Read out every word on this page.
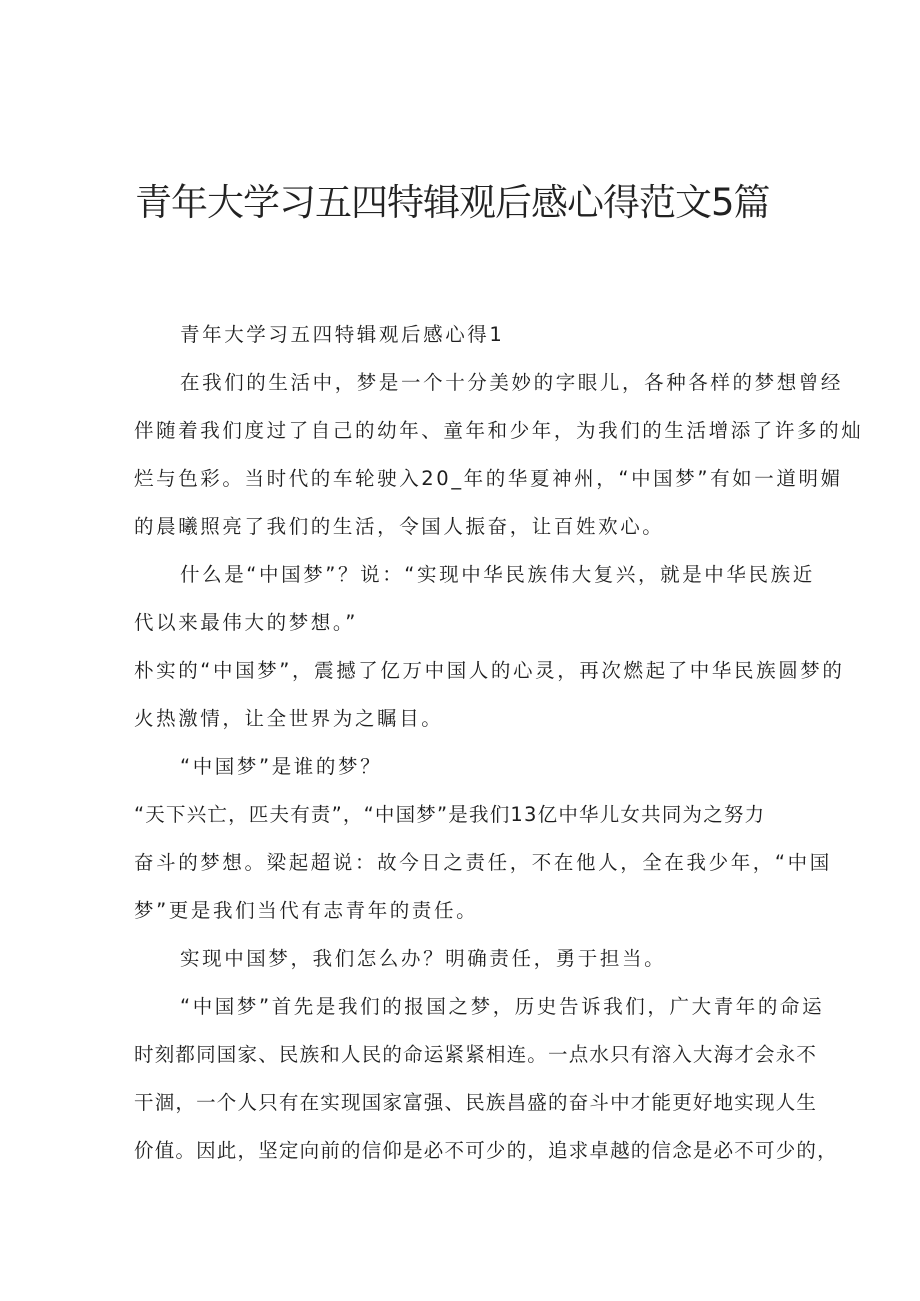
青年大学习五四特辑观后感心得范文5篇
青年大学习五四特辑观后感心得1
在我们的生活中，梦是一个十分美妙的字眼儿，各种各样的梦想曾经
伴随着我们度过了自己的幼年、童年和少年，为我们的生活增添了许多的灿
烂与色彩。当时代的车轮驶入20_年的华夏神州，“中国梦”有如一道明媚
的晨曦照亮了我们的生活，令国人振奋，让百姓欢心。
什么是“中国梦”？说：“实现中华民族伟大复兴，就是中华民族近
代以来最伟大的梦想。”
朴实的“中国梦”，震撼了亿万中国人的心灵，再次燃起了中华民族圆梦的
火热激情，让全世界为之瞩目。
“中国梦”是谁的梦？
“天下兴亡，匹夫有责”，“中国梦”是我们13亿中华儿女共同为之努力
奋斗的梦想。梁起超说：故今日之责任，不在他人，全在我少年，“中国
梦”更是我们当代有志青年的责任。
实现中国梦，我们怎么办？明确责任，勇于担当。
“中国梦”首先是我们的报国之梦，历史告诉我们，广大青年的命运
时刻都同国家、民族和人民的命运紧紧相连。一点水只有溶入大海才会永不
干涸，一个人只有在实现国家富强、民族昌盛的奋斗中才能更好地实现人生
价值。因此，坚定向前的信仰是必不可少的，追求卓越的信念是必不可少的，
